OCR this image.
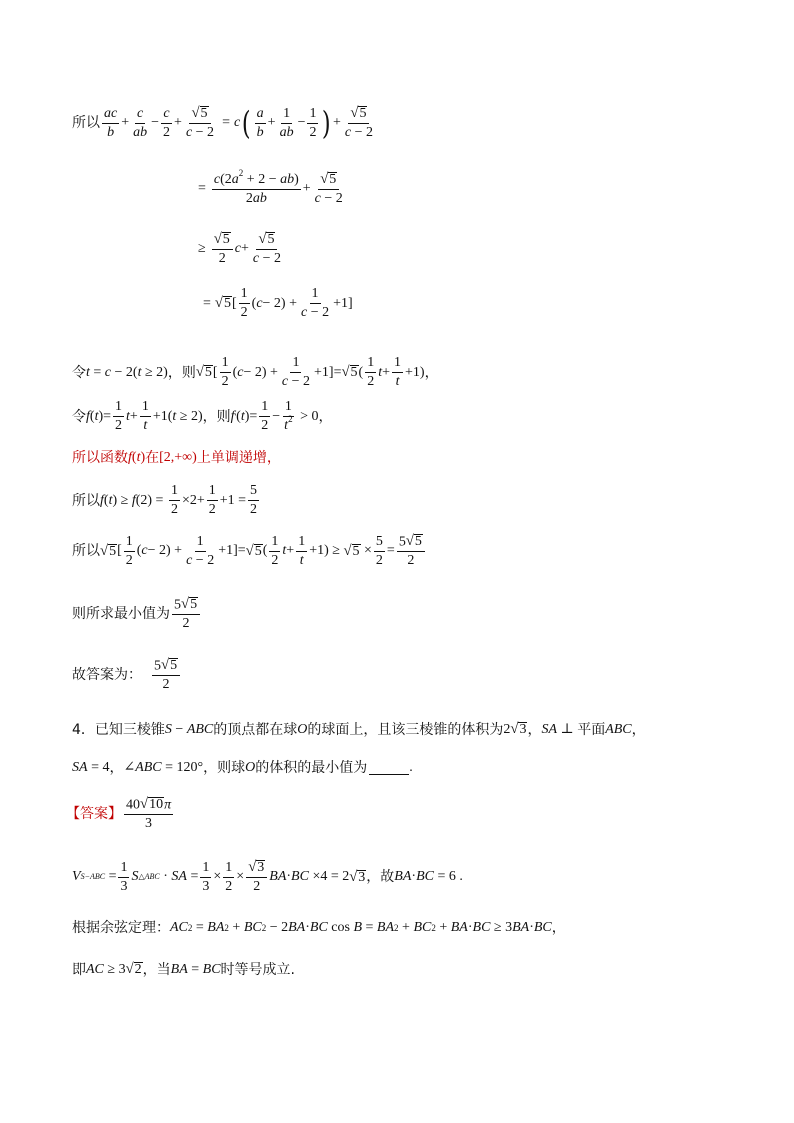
所以 $\frac{ac}{b} + \frac{c}{ab} - \frac{c}{2} + \frac{√ 5}{c - 2} = c$ ( $\frac{a}{b} + \frac{1}{ab} - \frac{1}{2}$ ) + $\frac{√ 5}{c - 2}$
= $\frac{c(2a^2 + 2 - ab)}{2ab} + \frac{√ 5}{c - 2}$
≥ $\frac{√ 5}{2}$ $c + \frac{√ 5}{c - 2}$
= √ 5 [ $\frac{1}{2}$ ( $c - 2) + \frac{1}{c - 2} +1$]
令 t = c − 2( t ≥ 2) ，则 √ 5 [ $\frac{1}{2}$ ( $c - 2) + \frac{1}{c - 2} +1]=$ √ 5 ( $\frac{1}{2}$ $t + \frac{1}{t} +1$) ，
令 f ( t )= $\frac{1}{2}$ $t + \frac{1}{t} +1$( t ≥ 2) ，则 f ' ( t )= $\frac{1}{2} - \frac{1}{t^2} > 0$ ，
所以函数 f ( t ) 在 [2,+∞) 上单调递增，
所以 f ( t ) ≥ f $(2) = \frac{1}{2} \times 2+ \frac{1}{2} +1 = \frac{5}{2}$
所以 √ 5 [ $\frac{1}{2}$ ( $c - 2) + \frac{1}{c - 2} +1]=$ √ 5 ( $\frac{1}{2}$ $t + \frac{1}{t} +1$) ≥ √ $5 \times \frac{5}{2} = \frac{5 √ 5}{2}$
则所求最小值为 $\frac{5 √ 5}{2}$
故答案为： $\frac{5 √ 5}{2}$
4．已知三棱锥 S − ABC 的顶点都在球 O 的球面上，且该三棱锥的体积为 2 √ 3 ， SA ⊥ 平面 ABC ，
SA = 4 ， ∠ ABC = 120° ，则球 O 的体积的最小值为	.
【答案】 $\frac{40 √ 10 \pi}{3}$
V $S-ABC = \frac{1}{3}$ S △ABC · SA = $\frac{1}{3} \times \frac{1}{2} \times \frac{√ 3}{2}$ BA · BC ×4 = 2 √ 3 ，故 BA · BC = 6 .
根据余弦定理： AC 2 = BA 2 + BC 2 − 2 BA · BC cos B = BA 2 + BC 2 + BA · BC ≥ 3 BA · BC ，
即 AC ≥ 3 √ 2 ，当 BA = BC 时等号成立.
